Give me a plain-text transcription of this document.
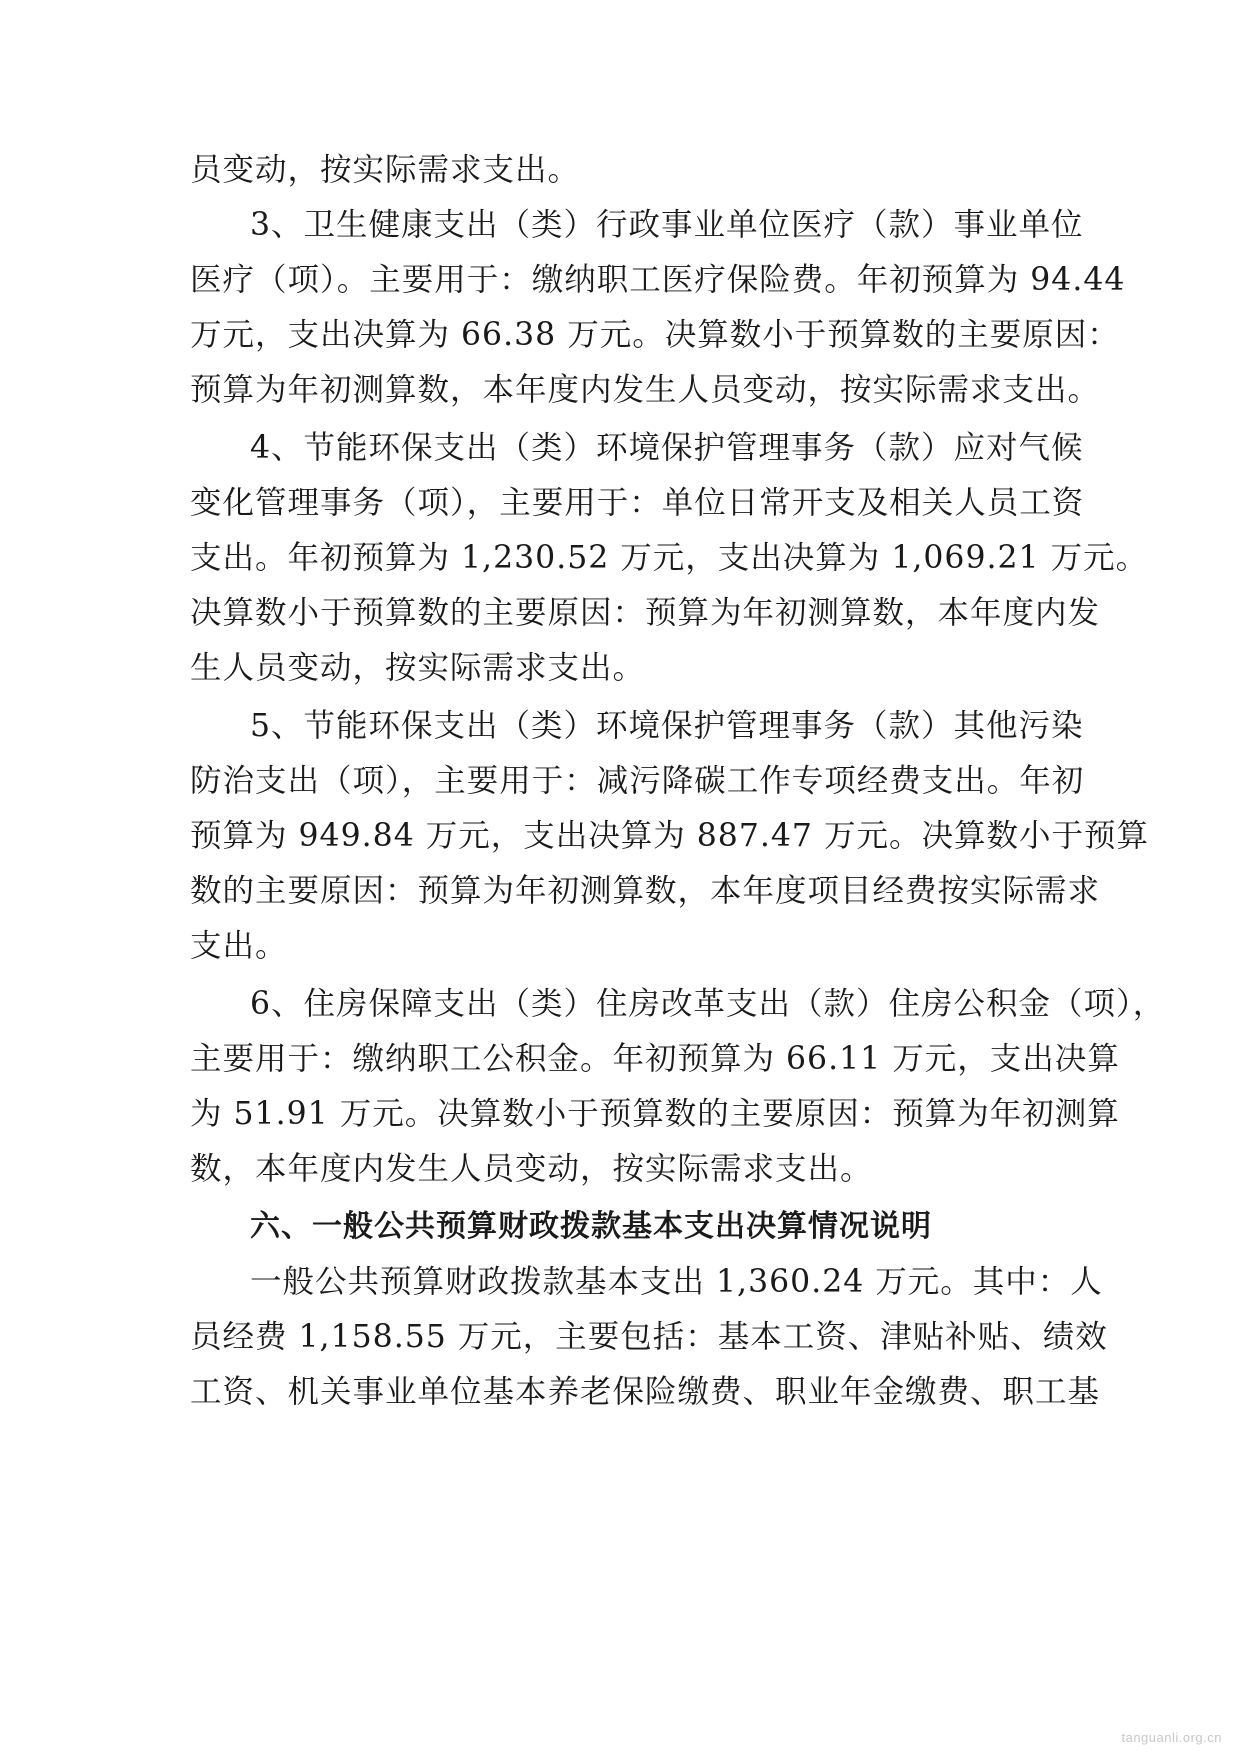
员变动，按实际需求支出。
3、卫生健康支出（类）行政事业单位医疗（款）事业单位
医疗（项）。主要用于：缴纳职工医疗保险费。年初预算为 94.44
万元，支出决算为 66.38 万元。决算数小于预算数的主要原因：
预算为年初测算数，本年度内发生人员变动，按实际需求支出。
4、节能环保支出（类）环境保护管理事务（款）应对气候
变化管理事务（项），主要用于：单位日常开支及相关人员工资
支出。年初预算为 1,230.52 万元，支出决算为 1,069.21 万元。
决算数小于预算数的主要原因：预算为年初测算数，本年度内发
生人员变动，按实际需求支出。
5、节能环保支出（类）环境保护管理事务（款）其他污染
防治支出（项），主要用于：减污降碳工作专项经费支出。年初
预算为 949.84 万元，支出决算为 887.47 万元。决算数小于预算
数的主要原因：预算为年初测算数，本年度项目经费按实际需求
支出。
6、住房保障支出（类）住房改革支出（款）住房公积金（项），
主要用于：缴纳职工公积金。年初预算为 66.11 万元，支出决算
为 51.91 万元。决算数小于预算数的主要原因：预算为年初测算
数，本年度内发生人员变动，按实际需求支出。
六、一般公共预算财政拨款基本支出决算情况说明
一般公共预算财政拨款基本支出 1,360.24 万元。其中：人
员经费 1,158.55 万元，主要包括：基本工资、津贴补贴、绩效
工资、机关事业单位基本养老保险缴费、职业年金缴费、职工基
tanguanli.org.cn
